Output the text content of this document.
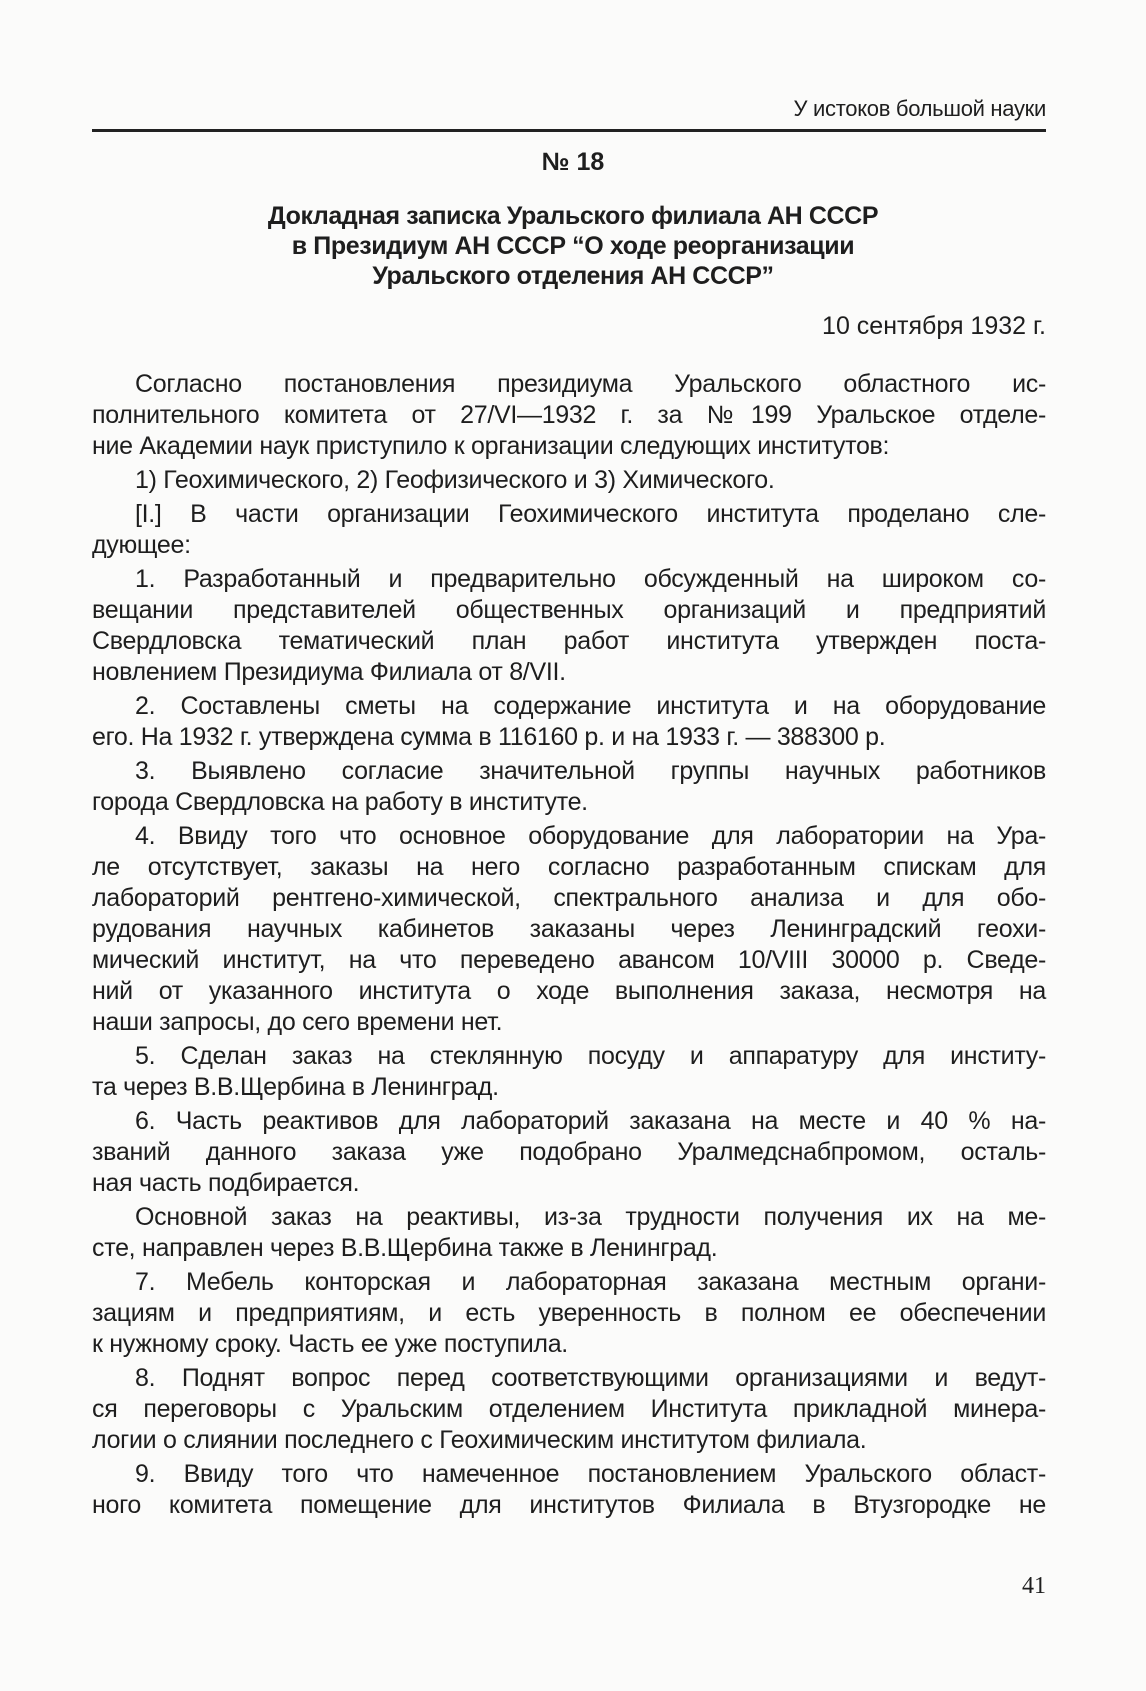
У истоков большой науки
№ 18
Докладная записка Уральского филиала АН СССР
в Президиум АН СССР “О ходе реорганизации
Уральского отделения АН СССР”
10 сентября 1932 г.
Согласно постановления президиума Уральского областного ис-
полнительного комитета от 27/VI—1932 г. за №199 Уральское отделе-
ние Академии наук приступило к организации следующих институтов:
1) Геохимического, 2) Геофизического и 3) Химического.
[I.] В части организации Геохимического института проделано сле-
дующее:
1. Разработанный и предварительно обсужденный на широком со-
вещании представителей общественных организаций и предприятий
Свердловска тематический план работ института утвержден поста-
новлением Президиума Филиала от 8/VII.
2. Составлены сметы на содержание института и на оборудование
его. На 1932 г. утверждена сумма в 116160 р. и на 1933 г. — 388300 р.
3. Выявлено согласие значительной группы научных работников
города Свердловска на работу в институте.
4. Ввиду того что основное оборудование для лаборатории на Ура-
ле отсутствует, заказы на него согласно разработанным спискам для
лабораторий рентгено-химической, спектрального анализа и для обо-
рудования научных кабинетов заказаны через Ленинградский геохи-
мический институт, на что переведено авансом 10/VIII 30000 р. Сведе-
ний от указанного института о ходе выполнения заказа, несмотря на
наши запросы, до сего времени нет.
5. Сделан заказ на стеклянную посуду и аппаратуру для институ-
та через В.В.Щербина в Ленинград.
6. Часть реактивов для лабораторий заказана на месте и 40 % на-
званий данного заказа уже подобрано Уралмедснабпромом, осталь-
ная часть подбирается.
Основной заказ на реактивы, из-за трудности получения их на ме-
сте, направлен через В.В.Щербина также в Ленинград.
7. Мебель конторская и лабораторная заказана местным органи-
зациям и предприятиям, и есть уверенность в полном ее обеспечении
к нужному сроку. Часть ее уже поступила.
8. Поднят вопрос перед соответствующими организациями и ведут-
ся переговоры с Уральским отделением Института прикладной минера-
логии о слиянии последнего с Геохимическим институтом филиала.
9. Ввиду того что намеченное постановлением Уральского област-
ного комитета помещение для институтов Филиала в Втузгородке не
41
